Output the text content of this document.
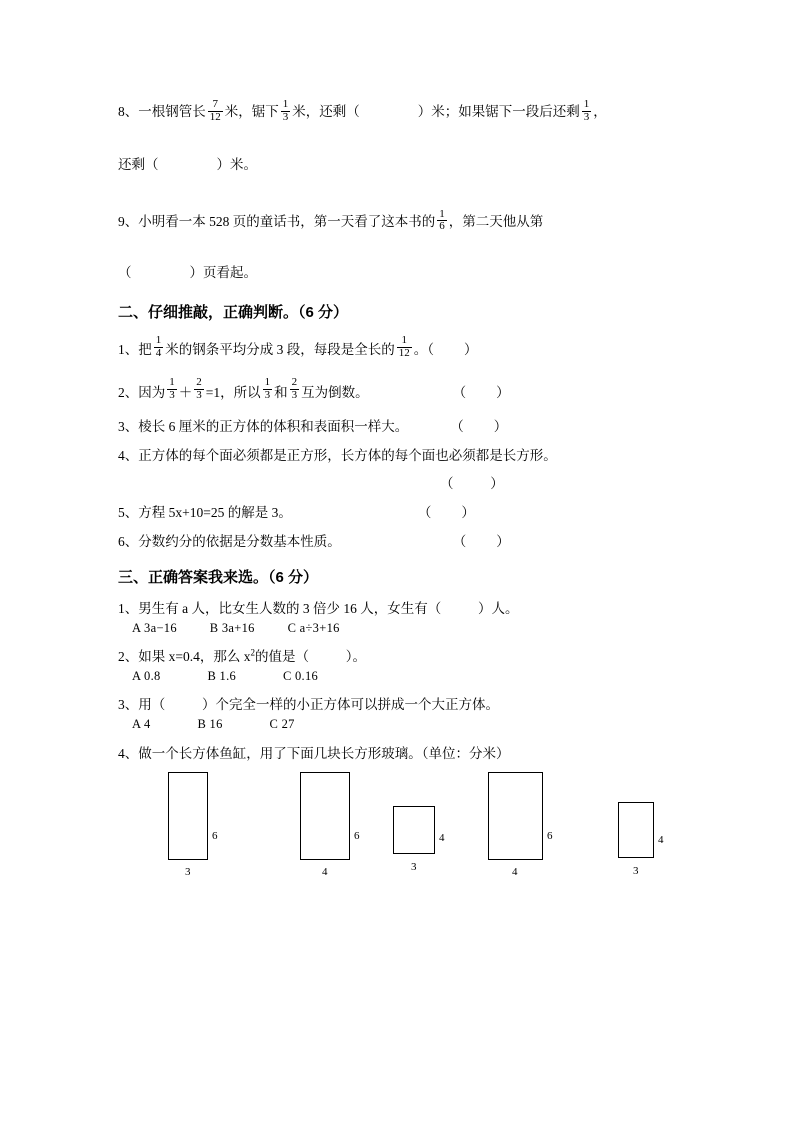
8、一根钢管长 $\frac{7}{12}$ 米，锯下 $\frac{1}{3}$ 米，还剩（	）米；如果锯下一段后还剩 $\frac{1}{3}$ ，
还剩（	）米。
9、小明看一本 528 页的童话书，第一天看了这本书的 $\frac{1}{6}$ ，第二天他从第
（	）页看起。
二、仔细推敲，正确判断。（6 分）
1、把 $\frac{1}{4}$ 米的钢条平均分成 3 段，每段是全长的 $\frac{1}{12}$ 。（ ）
2、因为 $\frac{1}{3} + \frac{2}{3} =1$，所以 $\frac{1}{3}$ 和 $\frac{2}{3}$ 互为倒数。	（ ）
3、棱长 6 厘米的正方体的体积和表面积一样大。	（ ）
4、正方体的每个面必须都是正方形，长方体的每个面也必须都是长方形。
（	）
5、方程 5x+10=25 的解是 3。	（ ）
6、分数约分的依据是分数基本性质。	（ ）
三、正确答案我来选。（6 分）
1、男生有 a 人，比女生人数的 3 倍少 16 人，女生有（	）人。
A 3a−16	B 3a+16	C a÷3+16
2、如果 x=0.4，那么 $x^2$的值是（	）。
A 0.8	B 1.6	C 0.16
3、用（	）个完全一样的小正方体可以拼成一个大正方体。
A 4	B 16	C 27
4、做一个长方体鱼缸，用了下面几块长方形玻璃。（单位：分米）
6
3
6
4
4
3
6
4
4
3
